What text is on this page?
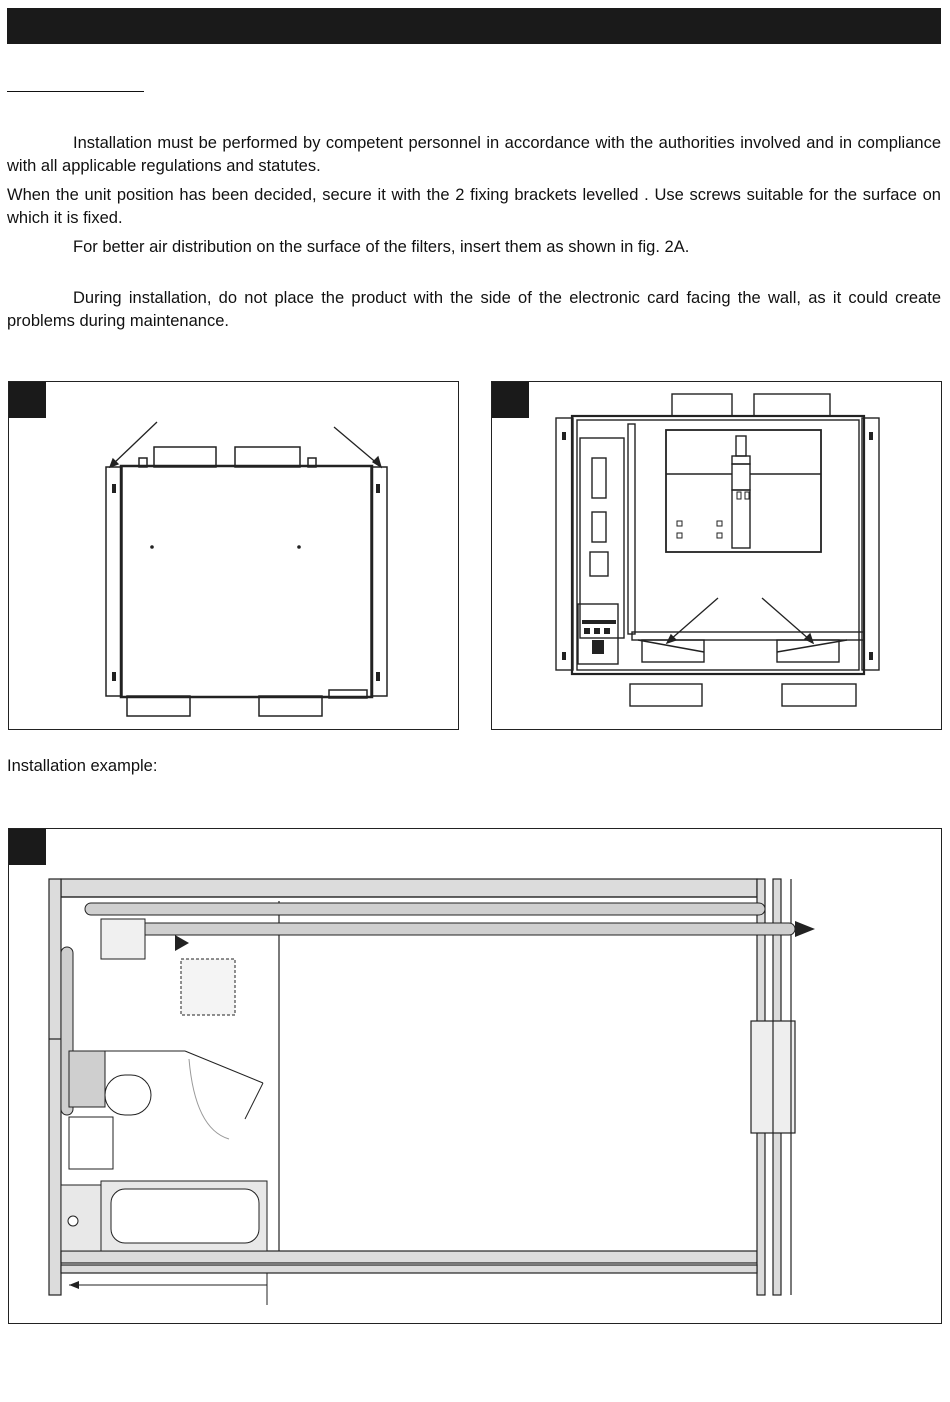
Installation must be performed by competent personnel in accordance with the authorities involved and in compliance with all applicable regulations and statutes.

When the unit position has been decided, secure it with the 2 fixing brackets levelled . Use screws suitable for the surface on which it is fixed.

For better air distribution on the surface of the filters, insert them as shown in fig. 2A.

During installation, do not place the product with the side of the electronic card facing the wall, as it could create problems during maintenance.

Installation example:
